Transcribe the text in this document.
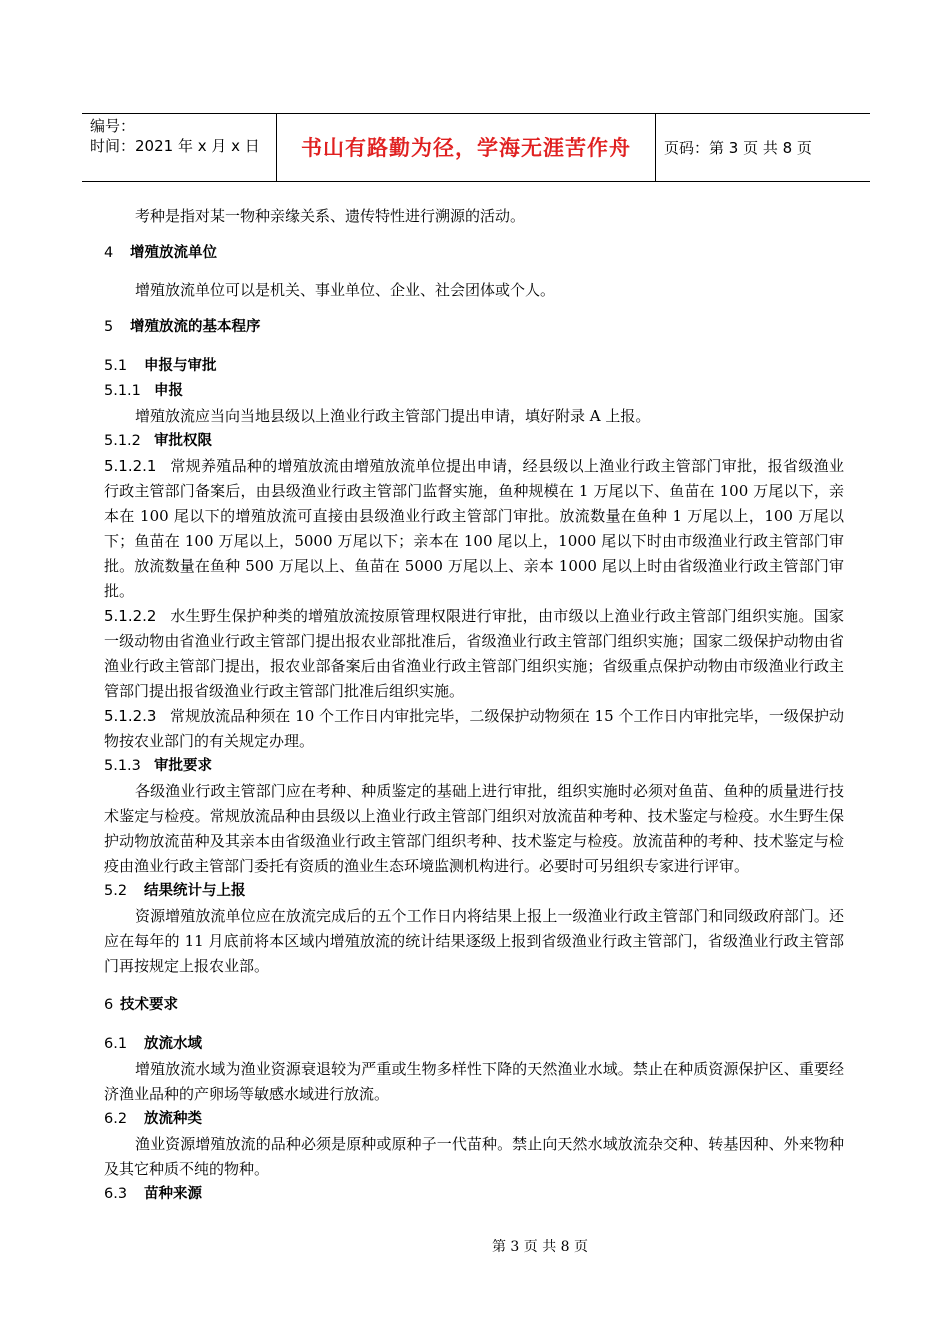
编号：
时间：2021 年 x 月 x 日	书山有路勤为径，学海无涯苦作舟	页码：第 3 页 共 8 页

考种是指对某一物种亲缘关系、遗传特性进行溯源的活动。

4 增殖放流单位

增殖放流单位可以是机关、事业单位、企业、社会团体或个人。

5 增殖放流的基本程序

5.1 申报与审批

5.1.1 申报

增殖放流应当向当地县级以上渔业行政主管部门提出申请，填好附录 A 上报。

5.1.2 审批权限

5.1.2.1 常规养殖品种的增殖放流由增殖放流单位提出申请，经县级以上渔业行政主管部门审批，报省级渔业行政主管部门备案后，由县级渔业行政主管部门监督实施，鱼种规模在 1 万尾以下、鱼苗在 100 万尾以下，亲本在 100 尾以下的增殖放流可直接由县级渔业行政主管部门审批。放流数量在鱼种 1 万尾以上，100 万尾以下；鱼苗在 100 万尾以上，5000 万尾以下；亲本在 100 尾以上，1000 尾以下时由市级渔业行政主管部门审批。放流数量在鱼种 500 万尾以上、鱼苗在 5000 万尾以上、亲本 1000 尾以上时由省级渔业行政主管部门审批。

5.1.2.2 水生野生保护种类的增殖放流按原管理权限进行审批，由市级以上渔业行政主管部门组织实施。国家一级动物由省渔业行政主管部门提出报农业部批准后，省级渔业行政主管部门组织实施；国家二级保护动物由省渔业行政主管部门提出，报农业部备案后由省渔业行政主管部门组织实施；省级重点保护动物由市级渔业行政主管部门提出报省级渔业行政主管部门批准后组织实施。

5.1.2.3 常规放流品种须在 10 个工作日内审批完毕，二级保护动物须在 15 个工作日内审批完毕，一级保护动物按农业部门的有关规定办理。

5.1.3 审批要求

各级渔业行政主管部门应在考种、种质鉴定的基础上进行审批，组织实施时必须对鱼苗、鱼种的质量进行技术鉴定与检疫。常规放流品种由县级以上渔业行政主管部门组织对放流苗种考种、技术鉴定与检疫。水生野生保护动物放流苗种及其亲本由省级渔业行政主管部门组织考种、技术鉴定与检疫。放流苗种的考种、技术鉴定与检疫由渔业行政主管部门委托有资质的渔业生态环境监测机构进行。必要时可另组织专家进行评审。

5.2 结果统计与上报

资源增殖放流单位应在放流完成后的五个工作日内将结果上报上一级渔业行政主管部门和同级政府部门。还应在每年的 11 月底前将本区域内增殖放流的统计结果逐级上报到省级渔业行政主管部门，省级渔业行政主管部门再按规定上报农业部。

6 技术要求

6.1 放流水域

增殖放流水域为渔业资源衰退较为严重或生物多样性下降的天然渔业水域。禁止在种质资源保护区、重要经济渔业品种的产卵场等敏感水域进行放流。

6.2 放流种类

渔业资源增殖放流的品种必须是原种或原种子一代苗种。禁止向天然水域放流杂交种、转基因种、外来物种及其它种质不纯的物种。

6.3 苗种来源

第 3 页 共 8 页
